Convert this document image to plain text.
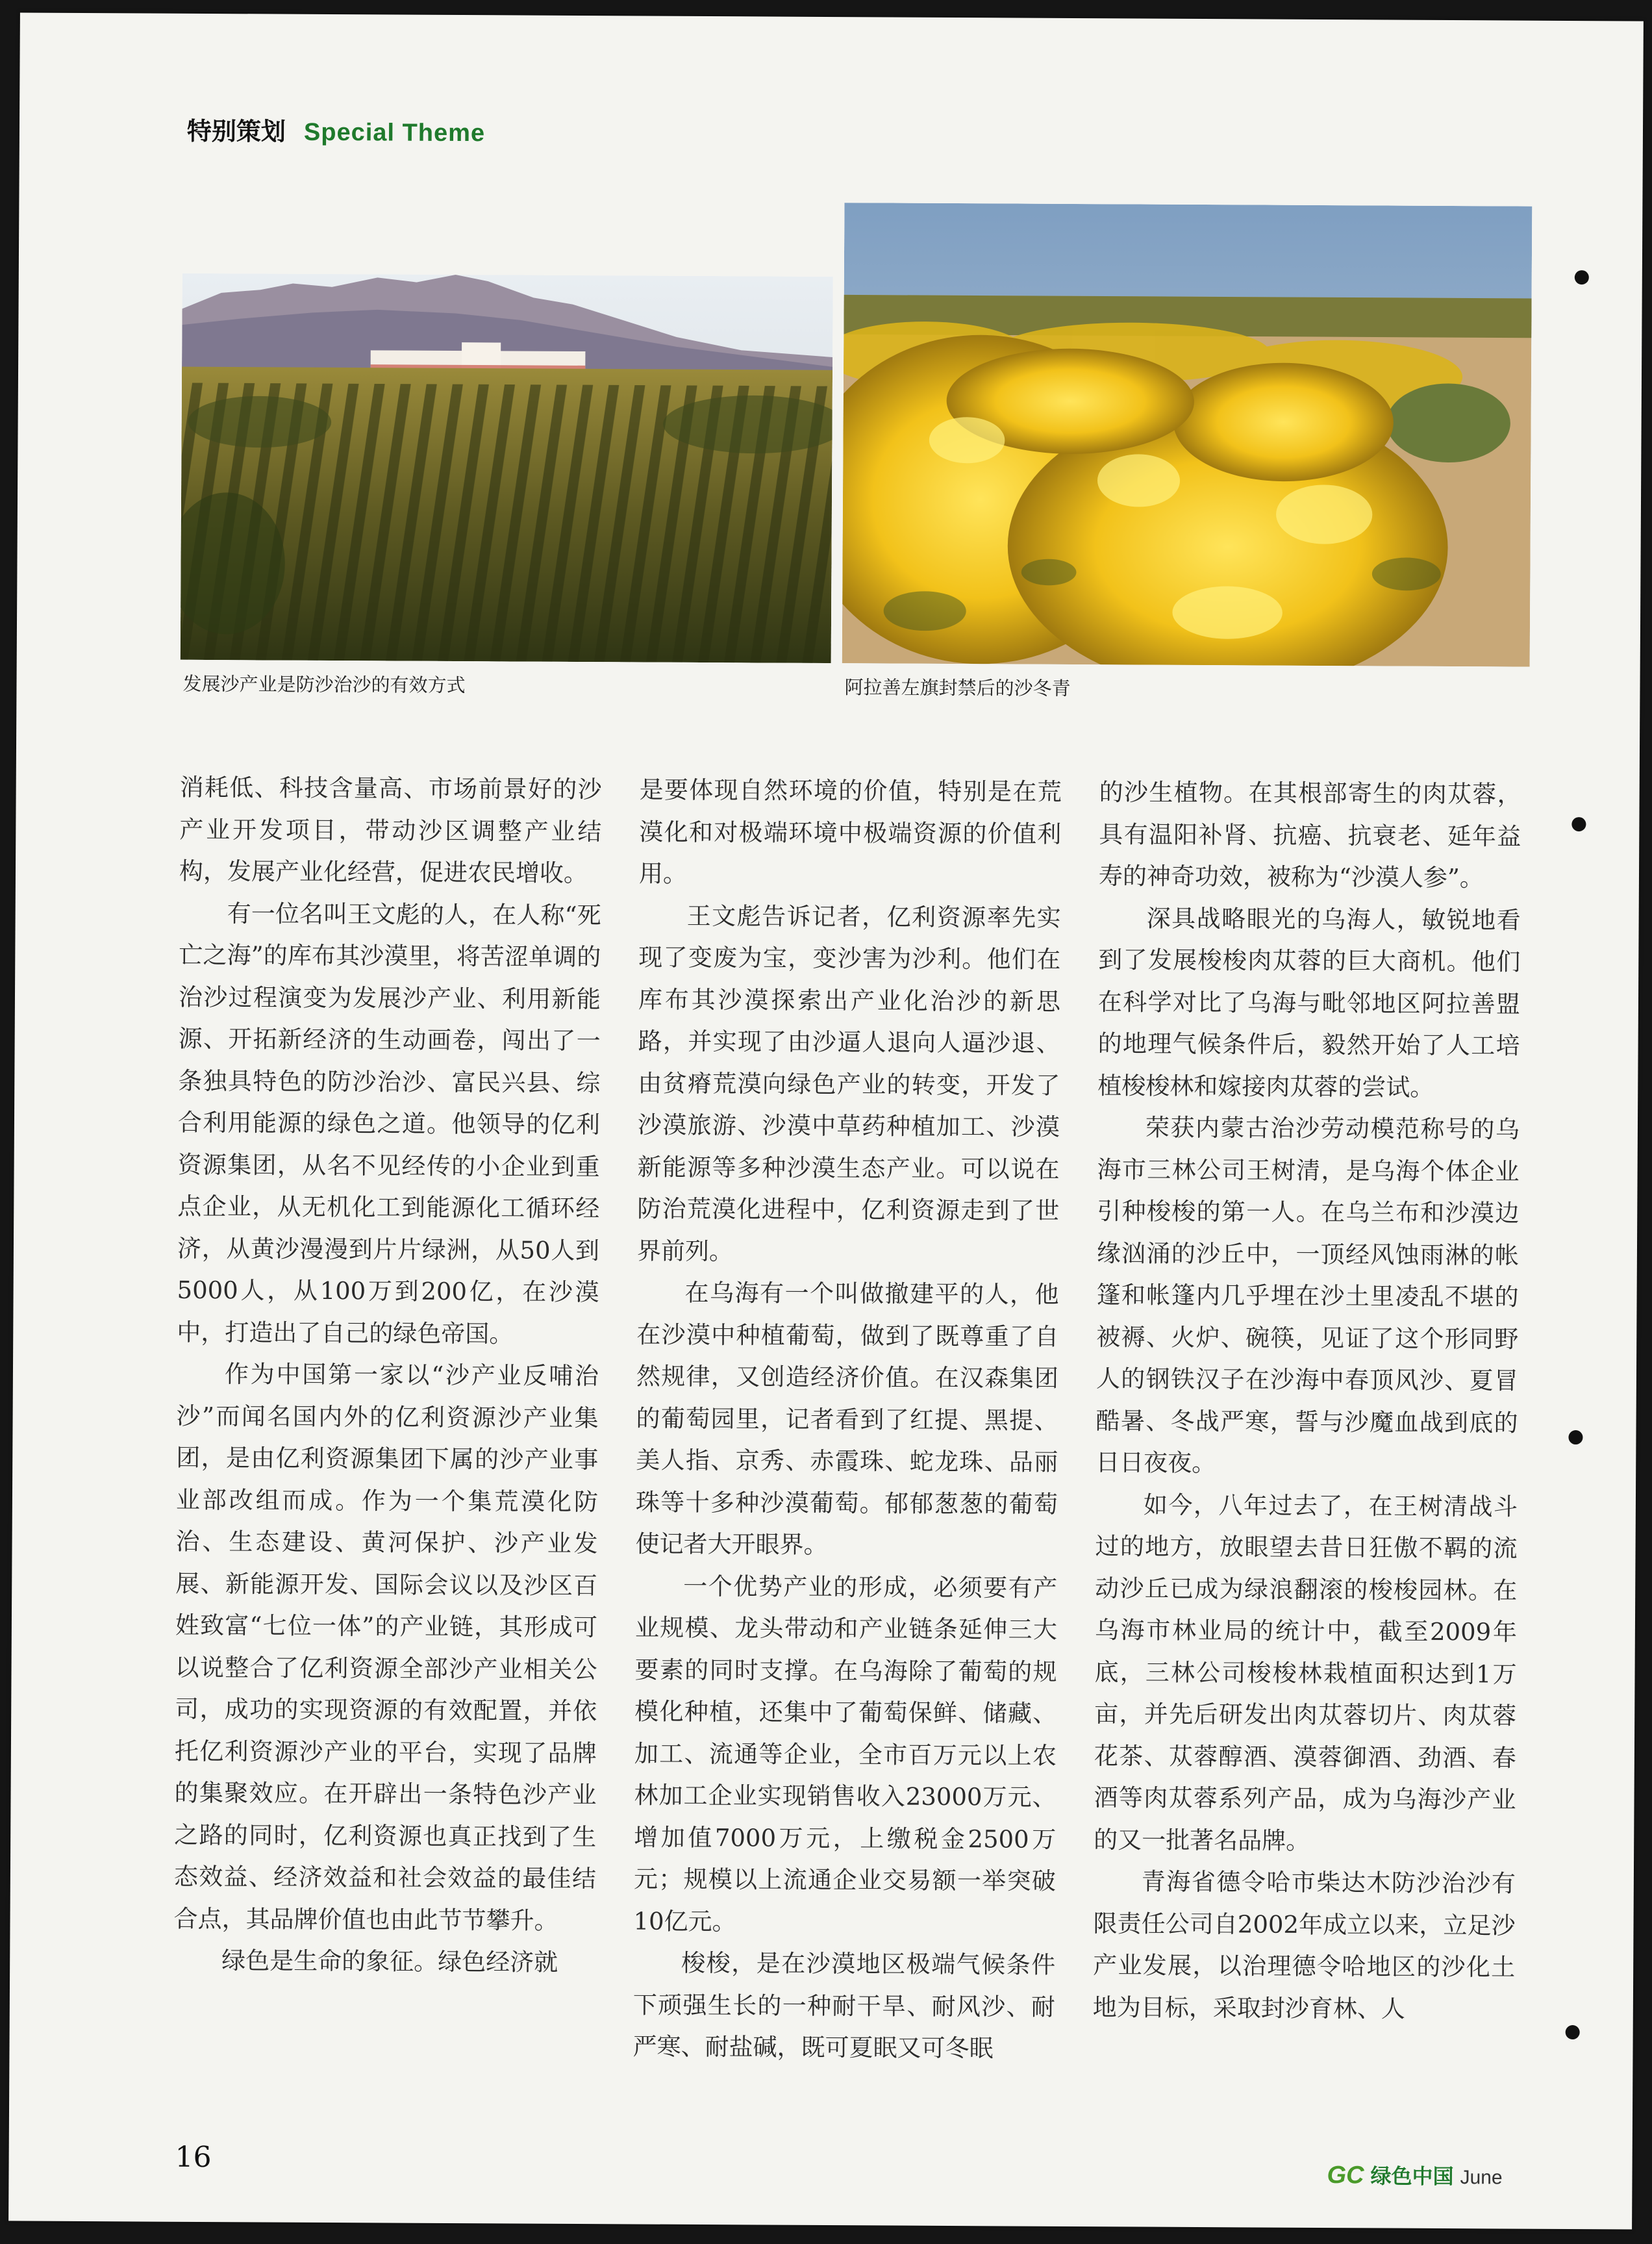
特别策划 Special Theme
发展沙产业是防沙治沙的有效方式	阿拉善左旗封禁后的沙冬青

消耗低、科技含量高、市场前景好的沙产业开发项目，带动沙区调整产业结构，发展产业化经营，促进农民增收。

有一位名叫王文彪的人，在人称“死亡之海”的库布其沙漠里，将苦涩单调的治沙过程演变为发展沙产业、利用新能源、开拓新经济的生动画卷，闯出了一条独具特色的防沙治沙、富民兴县、综合利用能源的绿色之道。他领导的亿利资源集团，从名不见经传的小企业到重点企业，从无机化工到能源化工循环经济，从黄沙漫漫到片片绿洲，从50人到5000人，从100万到200亿，在沙漠中，打造出了自己的绿色帝国。

作为中国第一家以“沙产业反哺治沙”而闻名国内外的亿利资源沙产业集团，是由亿利资源集团下属的沙产业事业部改组而成。作为一个集荒漠化防治、生态建设、黄河保护、沙产业发展、新能源开发、国际会议以及沙区百姓致富“七位一体”的产业链，其形成可以说整合了亿利资源全部沙产业相关公司，成功的实现资源的有效配置，并依托亿利资源沙产业的平台，实现了品牌的集聚效应。在开辟出一条特色沙产业之路的同时，亿利资源也真正找到了生态效益、经济效益和社会效益的最佳结合点，其品牌价值也由此节节攀升。

绿色是生命的象征。绿色经济就

是要体现自然环境的价值，特别是在荒漠化和对极端环境中极端资源的价值利用。

王文彪告诉记者，亿利资源率先实现了变废为宝，变沙害为沙利。他们在库布其沙漠探索出产业化治沙的新思路，并实现了由沙逼人退向人逼沙退、由贫瘠荒漠向绿色产业的转变，开发了沙漠旅游、沙漠中草药种植加工、沙漠新能源等多种沙漠生态产业。可以说在防治荒漠化进程中，亿利资源走到了世界前列。

在乌海有一个叫做撤建平的人，他在沙漠中种植葡萄，做到了既尊重了自然规律，又创造经济价值。在汉森集团的葡萄园里，记者看到了红提、黑提、美人指、京秀、赤霞珠、蛇龙珠、品丽珠等十多种沙漠葡萄。郁郁葱葱的葡萄使记者大开眼界。

一个优势产业的形成，必须要有产业规模、龙头带动和产业链条延伸三大要素的同时支撑。在乌海除了葡萄的规模化种植，还集中了葡萄保鲜、储藏、加工、流通等企业，全市百万元以上农林加工企业实现销售收入23000万元、增加值7000万元，上缴税金2500万元；规模以上流通企业交易额一举突破10亿元。

梭梭，是在沙漠地区极端气候条件下顽强生长的一种耐干旱、耐风沙、耐严寒、耐盐碱，既可夏眠又可冬眠

的沙生植物。在其根部寄生的肉苁蓉，具有温阳补肾、抗癌、抗衰老、延年益寿的神奇功效，被称为“沙漠人参”。

深具战略眼光的乌海人，敏锐地看到了发展梭梭肉苁蓉的巨大商机。他们在科学对比了乌海与毗邻地区阿拉善盟的地理气候条件后，毅然开始了人工培植梭梭林和嫁接肉苁蓉的尝试。

荣获内蒙古治沙劳动模范称号的乌海市三林公司王树清，是乌海个体企业引种梭梭的第一人。在乌兰布和沙漠边缘汹涌的沙丘中，一顶经风蚀雨淋的帐篷和帐篷内几乎埋在沙土里凌乱不堪的被褥、火炉、碗筷，见证了这个形同野人的钢铁汉子在沙海中春顶风沙、夏冒酷暑、冬战严寒，誓与沙魔血战到底的日日夜夜。

如今，八年过去了，在王树清战斗过的地方，放眼望去昔日狂傲不羁的流动沙丘已成为绿浪翻滚的梭梭园林。在乌海市林业局的统计中，截至2009年底，三林公司梭梭林栽植面积达到1万亩，并先后研发出肉苁蓉切片、肉苁蓉花茶、苁蓉醇酒、漠蓉御酒、劲酒、春酒等肉苁蓉系列产品，成为乌海沙产业的又一批著名品牌。

青海省德令哈市柴达木防沙治沙有限责任公司自2002年成立以来，立足沙产业发展，以治理德令哈地区的沙化土地为目标，采取封沙育林、人

16
GC 绿色中国 June
